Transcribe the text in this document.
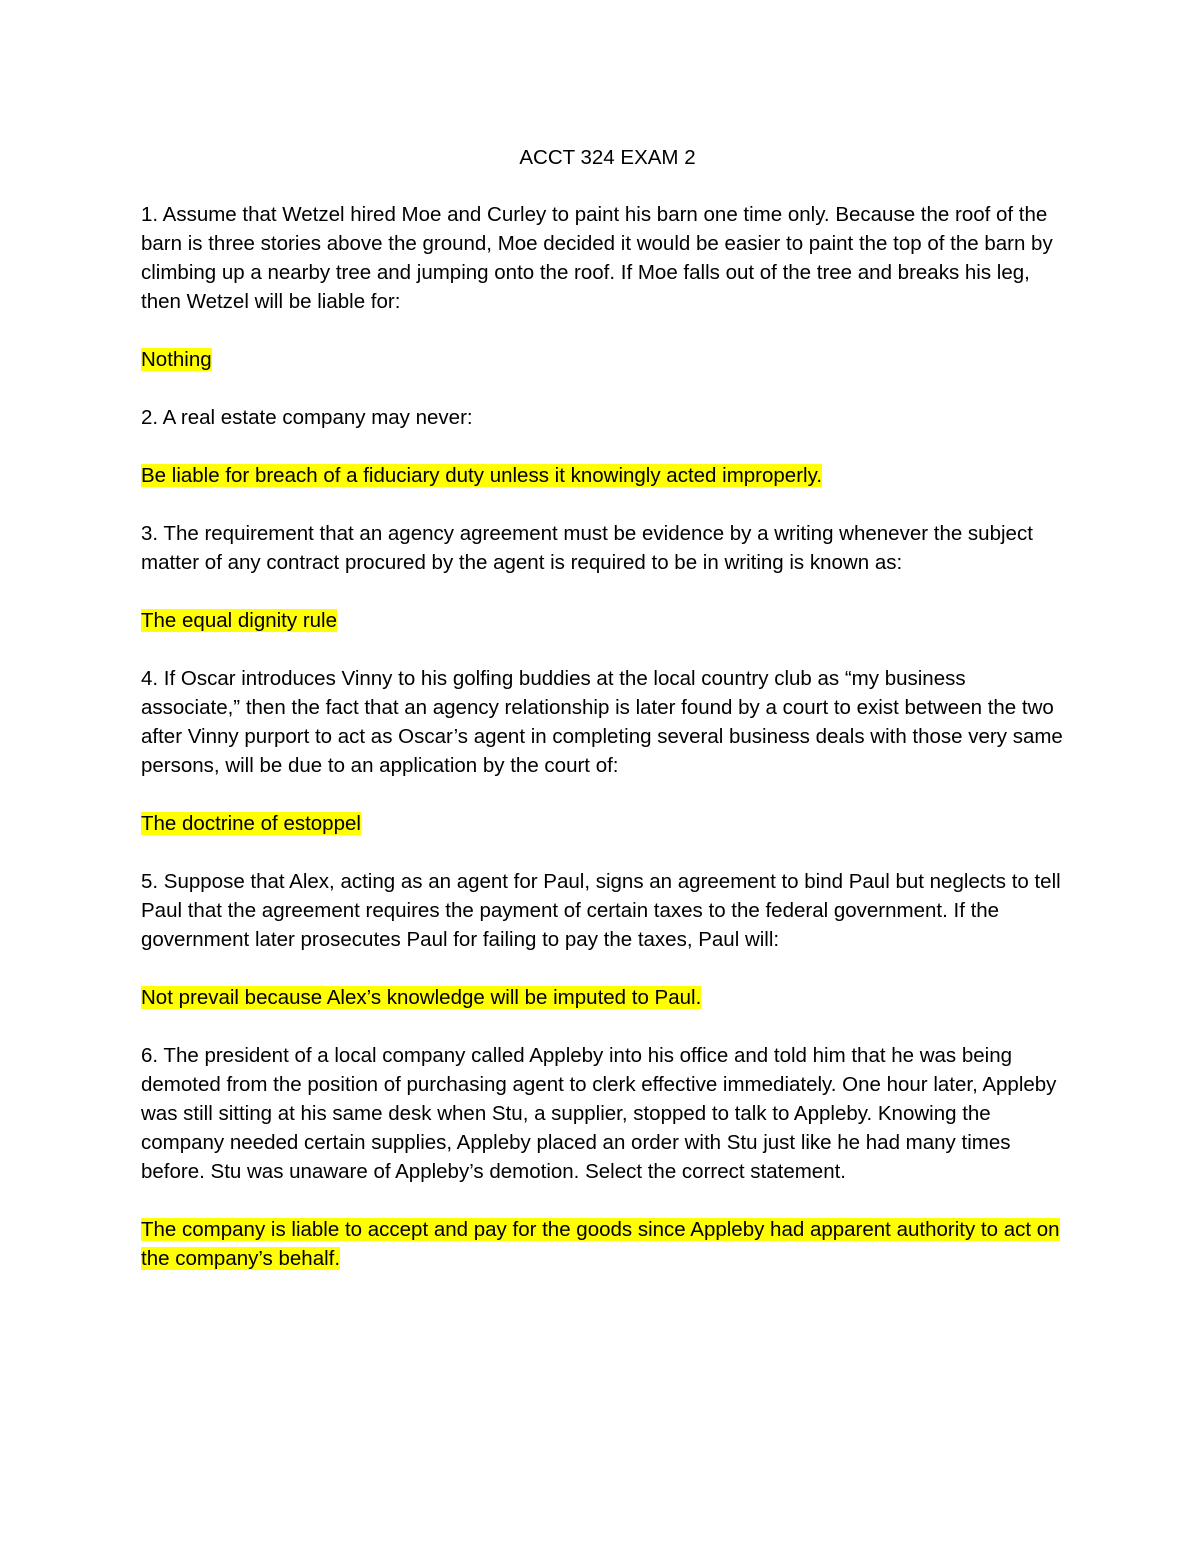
ACCT 324 EXAM 2
1. Assume that Wetzel hired Moe and Curley to paint his barn one time only. Because the roof of the barn is three stories above the ground, Moe decided it would be easier to paint the top of the barn by climbing up a nearby tree and jumping onto the roof. If Moe falls out of the tree and breaks his leg, then Wetzel will be liable for:
Nothing
2. A real estate company may never:
Be liable for breach of a fiduciary duty unless it knowingly acted improperly.
3. The requirement that an agency agreement must be evidence by a writing whenever the subject matter of any contract procured by the agent is required to be in writing is known as:
The equal dignity rule
4. If Oscar introduces Vinny to his golfing buddies at the local country club as “my business associate,” then the fact that an agency relationship is later found by a court to exist between the two after Vinny purport to act as Oscar’s agent in completing several business deals with those very same persons, will be due to an application by the court of:
The doctrine of estoppel
5. Suppose that Alex, acting as an agent for Paul, signs an agreement to bind Paul but neglects to tell Paul that the agreement requires the payment of certain taxes to the federal government. If the government later prosecutes Paul for failing to pay the taxes, Paul will:
Not prevail because Alex’s knowledge will be imputed to Paul.
6. The president of a local company called Appleby into his office and told him that he was being demoted from the position of purchasing agent to clerk effective immediately. One hour later, Appleby was still sitting at his same desk when Stu, a supplier, stopped to talk to Appleby. Knowing the company needed certain supplies, Appleby placed an order with Stu just like he had many times before. Stu was unaware of Appleby’s demotion. Select the correct statement.
The company is liable to accept and pay for the goods since Appleby had apparent authority to act on the company’s behalf.
